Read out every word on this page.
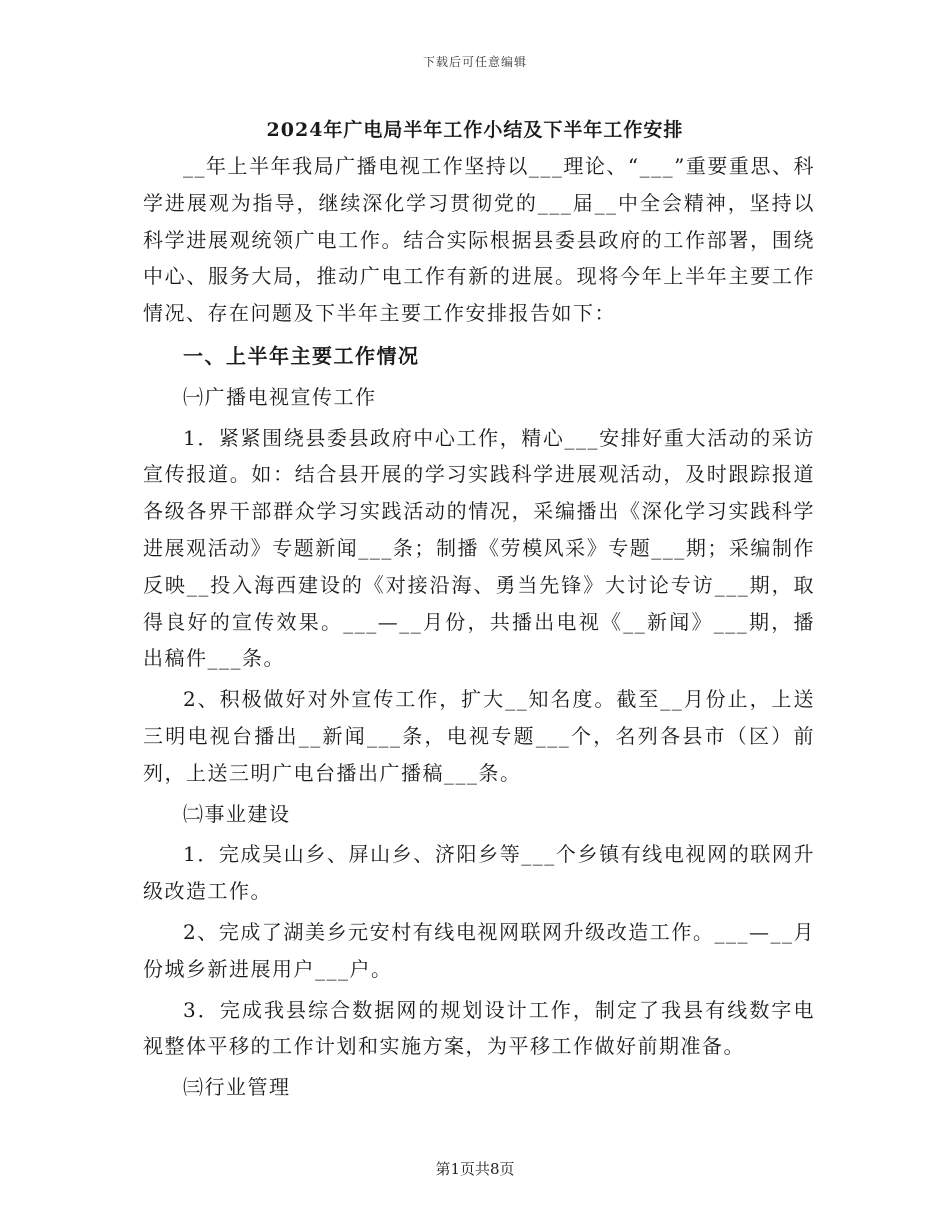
下载后可任意编辑
2024年广电局半年工作小结及下半年工作安排

__年上半年我局广播电视工作坚持以___理论、“___”重要重思、科学进展观为指导，继续深化学习贯彻党的___届__中全会精神，坚持以科学进展观统领广电工作。结合实际根据县委县政府的工作部署，围绕中心、服务大局，推动广电工作有新的进展。现将今年上半年主要工作情况、存在问题及下半年主要工作安排报告如下：

一、上半年主要工作情况

㈠广播电视宣传工作

1．紧紧围绕县委县政府中心工作，精心___安排好重大活动的采访宣传报道。如：结合县开展的学习实践科学进展观活动，及时跟踪报道各级各界干部群众学习实践活动的情况，采编播出《深化学习实践科学进展观活动》专题新闻___条；制播《劳模风采》专题___期；采编制作反映__投入海西建设的《对接沿海、勇当先锋》大讨论专访___期，取得良好的宣传效果。___—__月份，共播出电视《__新闻》___期，播出稿件___条。

2、积极做好对外宣传工作，扩大__知名度。截至__月份止，上送三明电视台播出__新闻___条，电视专题___个，名列各县市（区）前列，上送三明广电台播出广播稿___条。

㈡事业建设

1．完成吴山乡、屏山乡、济阳乡等___个乡镇有线电视网的联网升级改造工作。

2、完成了湖美乡元安村有线电视网联网升级改造工作。___—__月份城乡新进展用户___户。

3．完成我县综合数据网的规划设计工作，制定了我县有线数字电视整体平移的工作计划和实施方案，为平移工作做好前期准备。

㈢行业管理

第1页共8页
